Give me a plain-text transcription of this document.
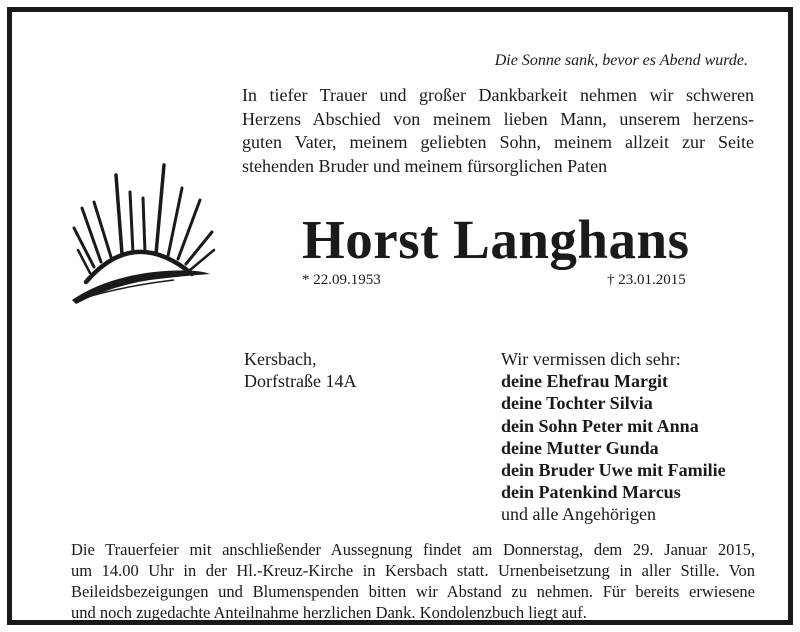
Die Sonne sank, bevor es Abend wurde.
In tiefer Trauer und großer Dankbarkeit nehmen wir schweren
Herzens Abschied von meinem lieben Mann, unserem herzens-
guten Vater, meinem geliebten Sohn, meinem allzeit zur Seite
stehenden Bruder und meinem fürsorglichen Paten
Horst Langhans
* 22.09.1953	† 23.01.2015
Kersbach,
Dorfstraße 14A
Wir vermissen dich sehr:
deine Ehefrau Margit
deine Tochter Silvia
dein Sohn Peter mit Anna
deine Mutter Gunda
dein Bruder Uwe mit Familie
dein Patenkind Marcus
und alle Angehörigen
Die Trauerfeier mit anschließender Aussegnung findet am Donnerstag, dem 29. Januar 2015,
um 14.00 Uhr in der Hl.-Kreuz-Kirche in Kersbach statt. Urnenbeisetzung in aller Stille. Von
Beileidsbezeigungen und Blumenspenden bitten wir Abstand zu nehmen. Für bereits erwiesene
und noch zugedachte Anteilnahme herzlichen Dank. Kondolenzbuch liegt auf.
